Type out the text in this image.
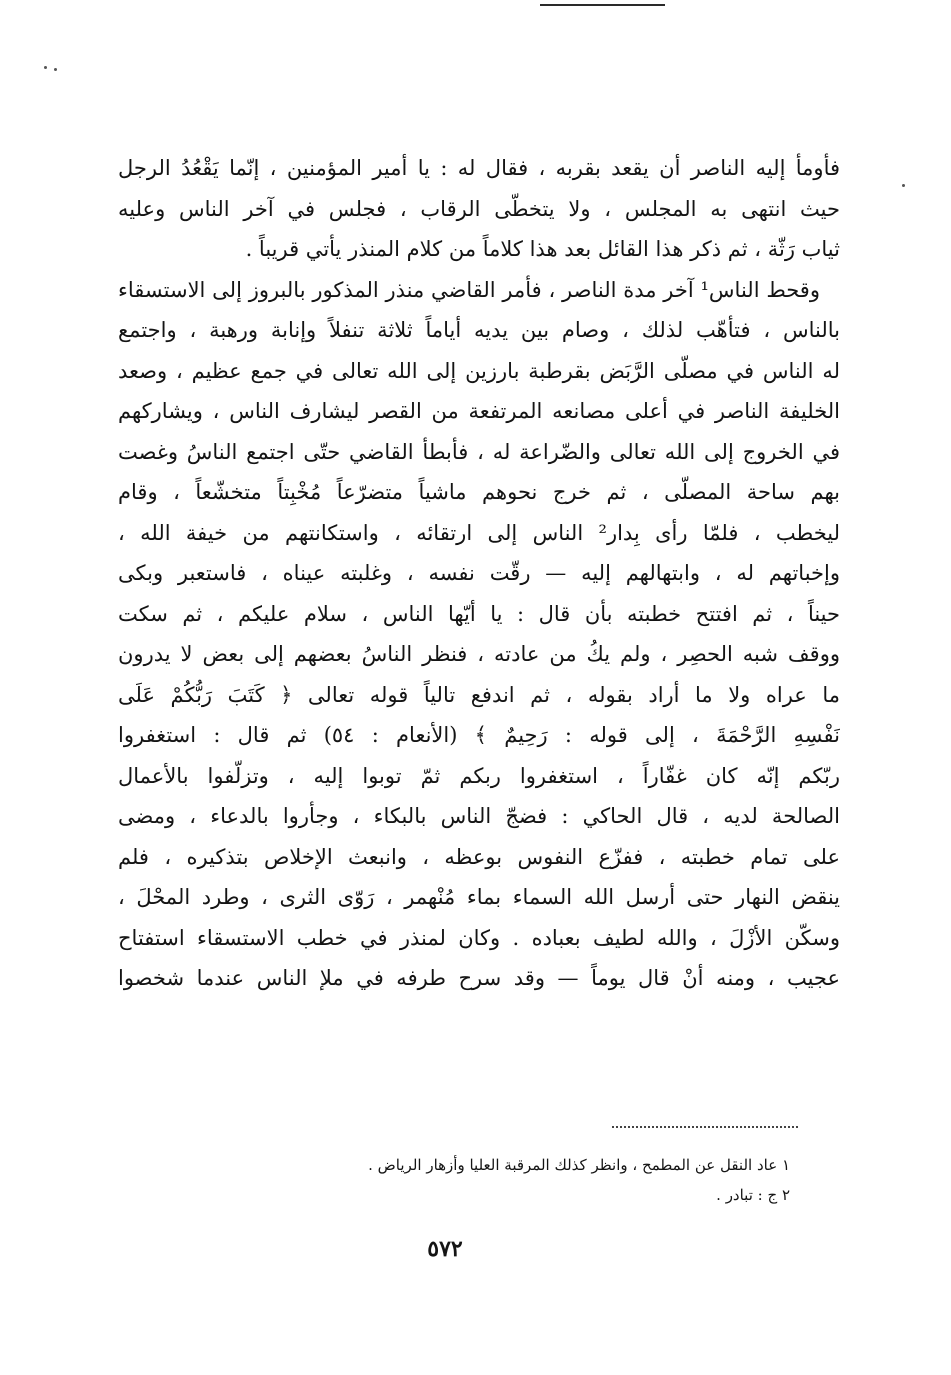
فأومأ إليه الناصر أن يقعد بقربه ، فقال له : يا أمير المؤمنين ، إنّما يَقْعُدُ الرجل
حيث انتهى به المجلس ، ولا يتخطّى الرقاب ، فجلس في آخر الناس وعليه
ثياب رَثّة ، ثم ذكر هذا القائل بعد هذا كلاماً من كلام المنذر يأتي قريباً .
وقحط الناس¹ آخر مدة الناصر ، فأمر القاضي منذر المذكور بالبروز إلى الاستسقاء
بالناس ، فتأهّب لذلك ، وصام بين يديه أياماً ثلاثة تنفلاً وإنابة ورهبة ، واجتمع
له الناس في مصلّى الرَّبَض بقرطبة بارزين إلى الله تعالى في جمع عظيم ، وصعد
الخليفة الناصر في أعلى مصانعه المرتفعة من القصر ليشارف الناس ، ويشاركهم
في الخروج إلى الله تعالى والضّراعة له ، فأبطأ القاضي حتّى اجتمع الناسُ وغصت
بهم ساحة المصلّى ، ثم خرج نحوهم ماشياً متضرّعاً مُخْبِتاً متخشّعاً ، وقام
ليخطب ، فلمّا رأى بِدار² الناس إلى ارتقائه ، واستكانتهم من خيفة الله ،
وإخباتهم له ، وابتهالهم إليه — رقّت نفسه ، وغلبته عيناه ، فاستعبر وبكى
حيناً ، ثم افتتح خطبته بأن قال : يا أيّها الناس ، سلام عليكم ، ثم سكت
ووقف شبه الحصِر ، ولم يكُ من عادته ، فنظر الناسُ بعضهم إلى بعض لا يدرون
ما عراه ولا ما أراد بقوله ، ثم اندفع تالياً قوله تعالى ﴿ كَتَبَ رَبُّكُمْ عَلَى
نَفْسِهِ الرَّحْمَةَ ، إلى قوله : رَحِيمٌ ﴾ (الأنعام : ٥٤) ثم قال : استغفروا
ربّكم إنّه كان غفّاراً ، استغفروا ربكم ثمّ توبوا إليه ، وتزلّفوا بالأعمال
الصالحة لديه ، قال الحاكي : فضجّ الناس بالبكاء ، وجأروا بالدعاء ، ومضى
على تمام خطبته ، ففزّع النفوس بوعظه ، وانبعث الإخلاص بتذكيره ، فلم
ينقض النهار حتى أرسل الله السماء بماء مُنْهمر ، رَوّى الثرى ، وطرد المحْلَ ،
وسكّن الأزْلَ ، والله لطيف بعباده . وكان لمنذر في خطب الاستسقاء استفتاح
عجيب ، ومنه أنْ قال يوماً — وقد سرح طرفه في ملإ الناس عندما شخصوا
١ عاد النقل عن المطمح ، وانظر كذلك المرقبة العليا وأزهار الرياض .
٢ ج : تبادر .
٥٧٢
